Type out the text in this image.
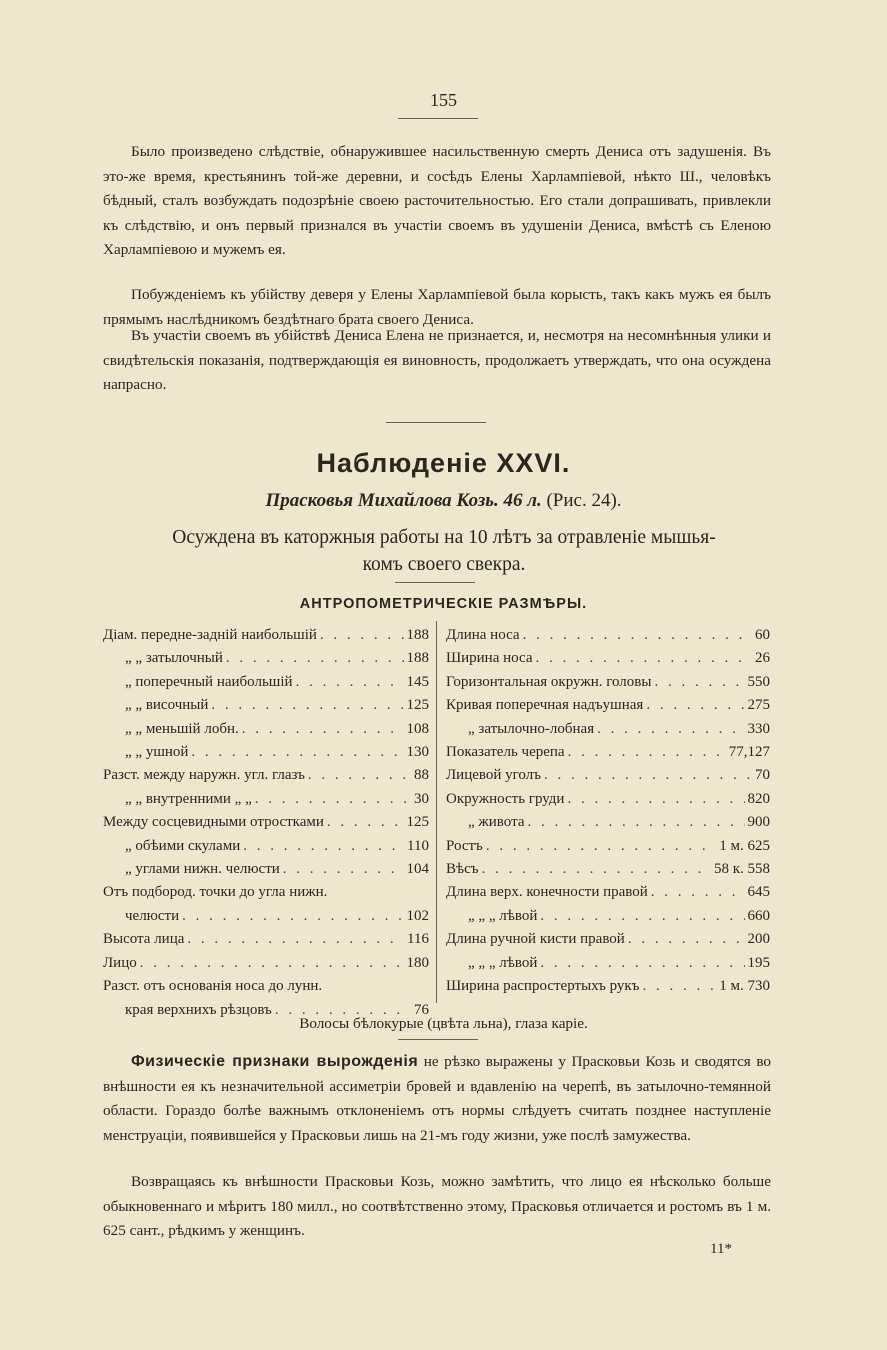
155
Было произведено слѣдствіе, обнаружившее насильственную смерть Дениса отъ задушенія. Въ это-же время, крестьянинъ той-же деревни, и сосѣдъ Елены Харлампіевой, нѣкто Ш., человѣкъ бѣдный, сталъ возбуждать подозрѣніе своею расточительностью. Его стали допрашивать, привлекли къ слѣдствію, и онъ первый признался въ участіи своемъ въ удушеніи Дениса, вмѣстѣ съ Еленою Харлампіевою и мужемъ ея.
Побужденіемъ къ убійству деверя у Елены Харлампіевой была корысть, такъ какъ мужъ ея былъ прямымъ наслѣдникомъ бездѣтнаго брата своего Дениса.
Въ участіи своемъ въ убійствѣ Дениса Елена не признается, и, несмотря на несомнѣнныя улики и свидѣтельскія показанія, подтверждающія ея виновность, продолжаетъ утверждать, что она осуждена напрасно.
Наблюденіе XXVI.
Прасковья Михайлова Козь. 46 л. (Рис. 24).
Осуждена въ каторжныя работы на 10 лѣтъ за отравленіе мышья-
комъ своего свекра.
АНТРОПОМЕТРИЧЕСКІЕ РАЗМѢРЫ.
Діам. передне-задній наибольшій . . .	188
„ „ затылочный . . .	188
„ поперечный наибольшій . . .	145
„ „ височный . . .	125
„ „ меньшій лобн. . . .	108
„ „ ушной . . .	130
Разст. между наружн. угл. глазъ . . .	88
„ „ внутренними „ „ . . .	30
Между сосцевидными отростками . . .	125
„ обѣими скулами . . .	110
„ углами нижн. челюсти . . .	104
Отъ подбород. точки до угла нижн.
челюсти . . .	102
Высота лица . . .	116
Лицо . . .	180
Разст. отъ основанія носа до лунн.
края верхнихъ рѣзцовъ . . .	76
Длина носа . . .	60
Ширина носа . . .	26
Горизонтальная окружн. головы . . .	550
Кривая поперечная надъушная . . .	275
„ затылочно-лобная . . .	330
Показатель черепа . . .	77,127
Лицевой уголъ . . .	70
Окружность груди . . .	820
„ живота . . .	900
Ростъ . . .	1 м. 625
Вѣсъ . . .	58 к. 558
Длина верх. конечности правой . . .	645
„ „ „ лѣвой . . .	660
Длина ручной кисти правой . . .	200
„ „ „ лѣвой . . .	195
Ширина распростертыхъ рукъ . . .	1 м. 730
Волосы бѣлокурые (цвѣта льна), глаза каріе.
Физическіе признаки вырожденія не рѣзко выражены у Прасковьи Козь и сводятся во внѣшности ея къ незначительной ассиметріи бровей и вдавленію на черепѣ, въ затылочно-темянной области. Гораздо болѣе важнымъ отклоненіемъ отъ нормы слѣдуетъ считать позднее наступленіе менструаціи, появившейся у Прасковьи лишь на 21-мъ году жизни, уже послѣ замужества.
Возвращаясь къ внѣшности Прасковьи Козь, можно замѣтить, что лицо ея нѣсколько больше обыкновеннаго и мѣритъ 180 милл., но соотвѣтственно этому, Прасковья отличается и ростомъ въ 1 м. 625 сант., рѣдкимъ у женщинъ.
11*
